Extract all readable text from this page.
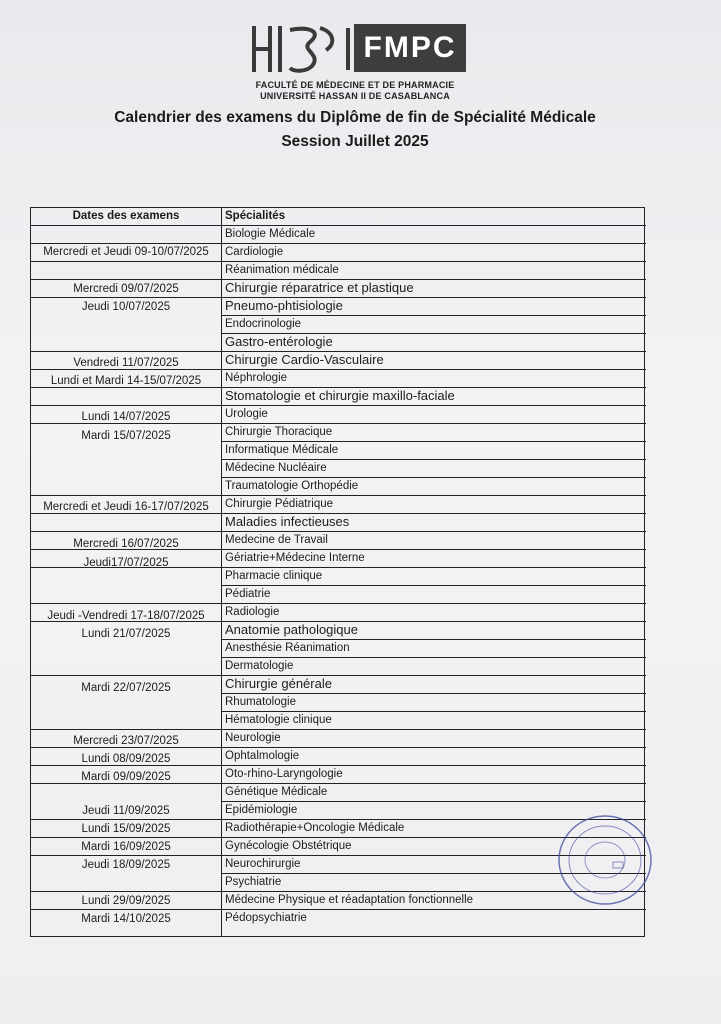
FMPC
FACULTÉ DE MÉDECINE ET DE PHARMACIE
UNIVERSITÉ HASSAN II DE CASABLANCA
Calendrier des examens du Diplôme de fin de Spécialité Médicale
Session Juillet 2025
Dates des examens	Spécialités
Biologie Médicale
Cardiologie
Réanimation médicale
Chirurgie réparatrice et plastique
Pneumo-phtisiologie
Endocrinologie
Gastro-entérologie
Chirurgie Cardio-Vasculaire
Néphrologie
Stomatologie et chirurgie maxillo-faciale
Urologie
Chirurgie Thoracique
Informatique Médicale
Médecine Nucléaire
Traumatologie Orthopédie
Chirurgie Pédiatrique
Maladies infectieuses
Medecine de Travail
Gériatrie+Médecine Interne
Pharmacie clinique
Pédiatrie
Radiologie
Anatomie pathologique
Anesthésie Réanimation
Dermatologie
Chirurgie générale
Rhumatologie
Hématologie clinique
Neurologie
Ophtalmologie
Oto-rhino-Laryngologie
Génétique Médicale
Epidémiologie
Radiothérapie+Oncologie Médicale
Gynécologie Obstétrique
Neurochirurgie
Psychiatrie
Médecine Physique et réadaptation fonctionnelle
Pédopsychiatrie
Mercredi et Jeudi 09-10/07/2025
Mercredi 09/07/2025
Jeudi 10/07/2025
Vendredi 11/07/2025
Lundi et Mardi 14-15/07/2025
Lundi 14/07/2025
Mardi 15/07/2025
Mercredi et Jeudi 16-17/07/2025
Mercredi 16/07/2025
Jeudi17/07/2025
Jeudi -Vendredi 17-18/07/2025
Lundi 21/07/2025
Mardi 22/07/2025
Mercredi 23/07/2025
Lundi 08/09/2025
Mardi 09/09/2025
Jeudi 11/09/2025
Lundi 15/09/2025
Mardi 16/09/2025
Jeudi 18/09/2025
Lundi 29/09/2025
Mardi 14/10/2025
